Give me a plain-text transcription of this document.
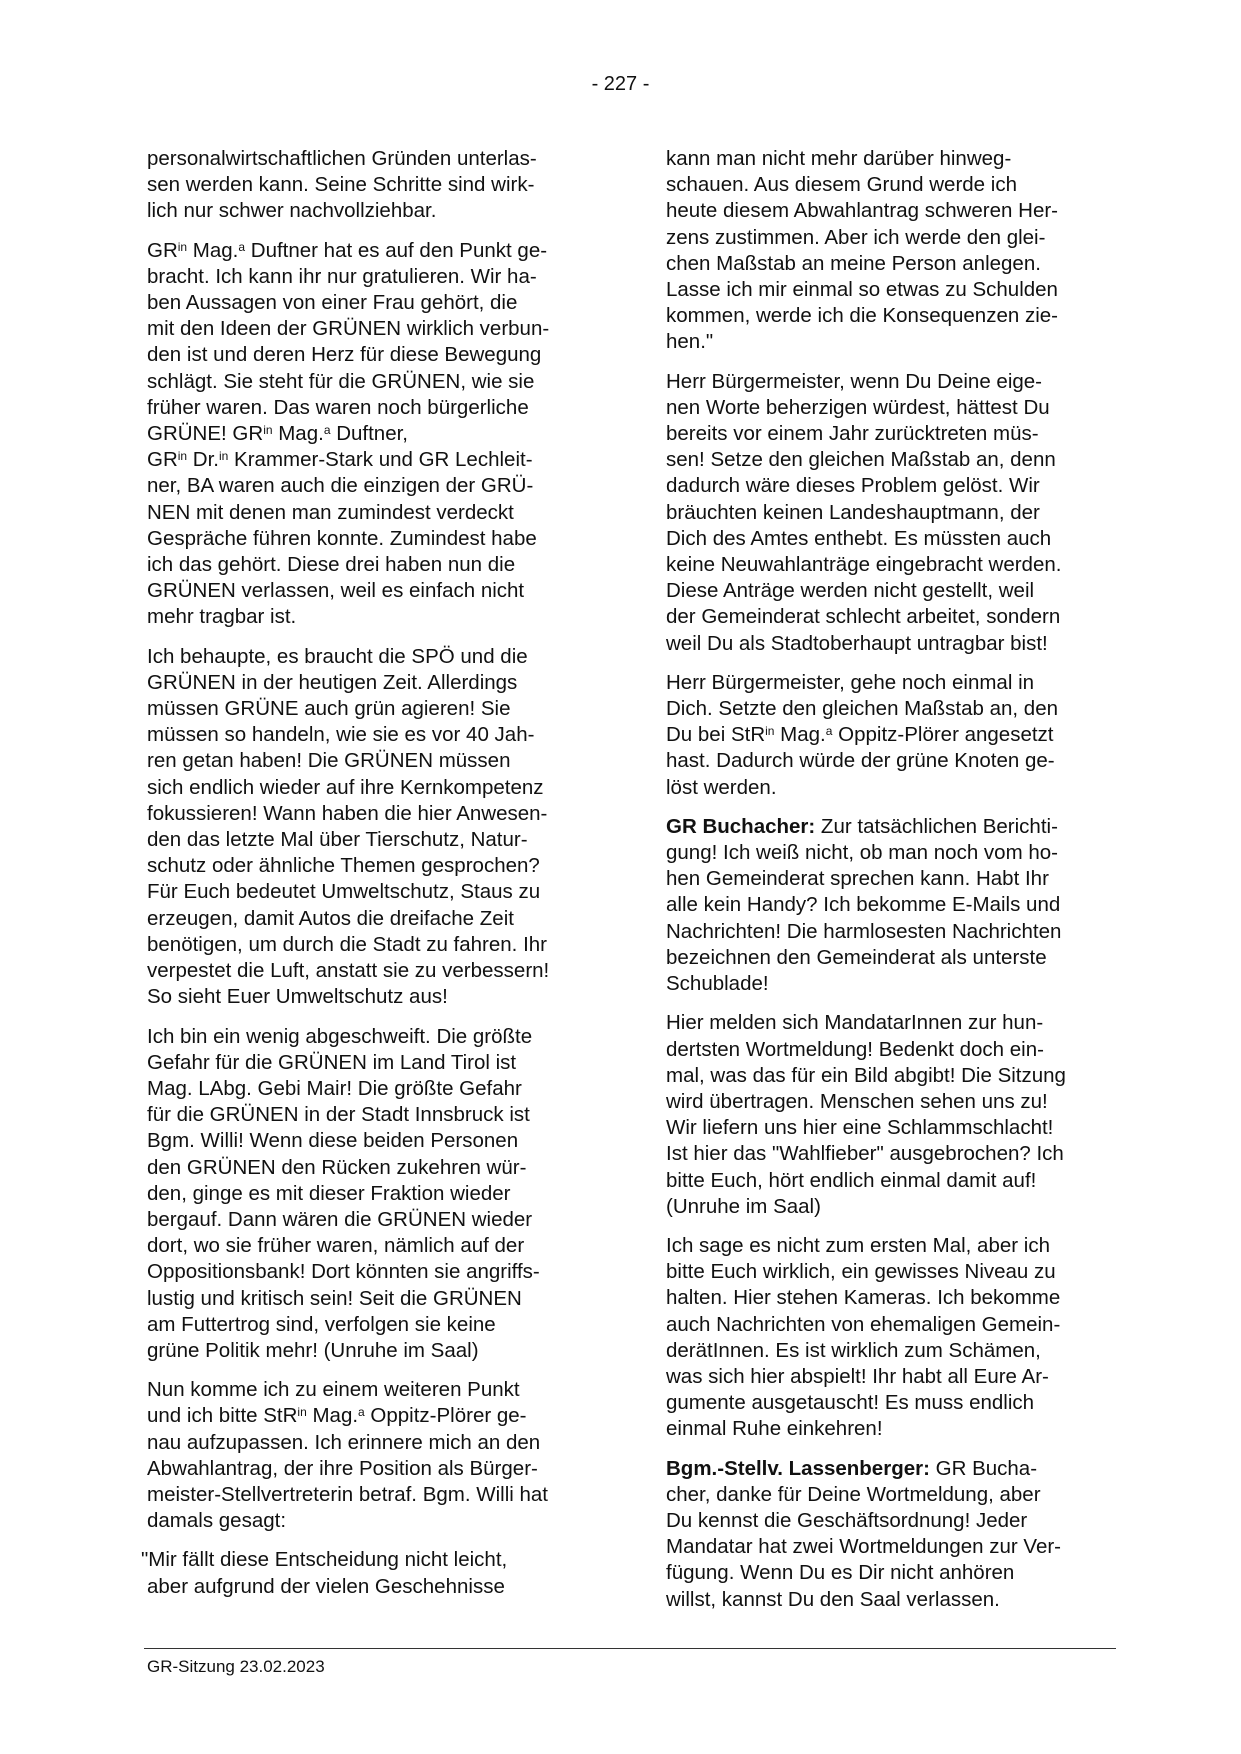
- 227 -

personalwirtschaftlichen Gründen unterlas-
sen werden kann. Seine Schritte sind wirk-
lich nur schwer nachvollziehbar.

$GR^{in}$ Mag.$^a$ Duftner hat es auf den Punkt ge-
bracht. Ich kann ihr nur gratulieren. Wir ha-
ben Aussagen von einer Frau gehört, die
mit den Ideen der GRÜNEN wirklich verbun-
den ist und deren Herz für diese Bewegung
schlägt. Sie steht für die GRÜNEN, wie sie
früher waren. Das waren noch bürgerliche
GRÜNE! $GR^{in}$ Mag.$^a$ Duftner,
$GR^{in}$ Dr.$^{in}$ Krammer-Stark und GR Lechleit-
ner, BA waren auch die einzigen der GRÜ-
NEN mit denen man zumindest verdeckt
Gespräche führen konnte. Zumindest habe
ich das gehört. Diese drei haben nun die
GRÜNEN verlassen, weil es einfach nicht
mehr tragbar ist.

Ich behaupte, es braucht die SPÖ und die
GRÜNEN in der heutigen Zeit. Allerdings
müssen GRÜNE auch grün agieren! Sie
müssen so handeln, wie sie es vor 40 Jah-
ren getan haben! Die GRÜNEN müssen
sich endlich wieder auf ihre Kernkompetenz
fokussieren! Wann haben die hier Anwesen-
den das letzte Mal über Tierschutz, Natur-
schutz oder ähnliche Themen gesprochen?
Für Euch bedeutet Umweltschutz, Staus zu
erzeugen, damit Autos die dreifache Zeit
benötigen, um durch die Stadt zu fahren. Ihr
verpestet die Luft, anstatt sie zu verbessern!
So sieht Euer Umweltschutz aus!

Ich bin ein wenig abgeschweift. Die größte
Gefahr für die GRÜNEN im Land Tirol ist
Mag. LAbg. Gebi Mair! Die größte Gefahr
für die GRÜNEN in der Stadt Innsbruck ist
Bgm. Willi! Wenn diese beiden Personen
den GRÜNEN den Rücken zukehren wür-
den, ginge es mit dieser Fraktion wieder
bergauf. Dann wären die GRÜNEN wieder
dort, wo sie früher waren, nämlich auf der
Oppositionsbank! Dort könnten sie angriffs-
lustig und kritisch sein! Seit die GRÜNEN
am Futtertrog sind, verfolgen sie keine
grüne Politik mehr! (Unruhe im Saal)

Nun komme ich zu einem weiteren Punkt
und ich bitte StR$^{in}$ Mag.$^a$ Oppitz-Plörer ge-
nau aufzupassen. Ich erinnere mich an den
Abwahlantrag, der ihre Position als Bürger-
meister-Stellvertreterin betraf. Bgm. Willi hat
damals gesagt:

"Mir fällt diese Entscheidung nicht leicht,
aber aufgrund der vielen Geschehnisse

kann man nicht mehr darüber hinweg-
schauen. Aus diesem Grund werde ich
heute diesem Abwahlantrag schweren Her-
zens zustimmen. Aber ich werde den glei-
chen Maßstab an meine Person anlegen.
Lasse ich mir einmal so etwas zu Schulden
kommen, werde ich die Konsequenzen zie-
hen."

Herr Bürgermeister, wenn Du Deine eige-
nen Worte beherzigen würdest, hättest Du
bereits vor einem Jahr zurücktreten müs-
sen! Setze den gleichen Maßstab an, denn
dadurch wäre dieses Problem gelöst. Wir
bräuchten keinen Landeshauptmann, der
Dich des Amtes enthebt. Es müssten auch
keine Neuwahlanträge eingebracht werden.
Diese Anträge werden nicht gestellt, weil
der Gemeinderat schlecht arbeitet, sondern
weil Du als Stadtoberhaupt untragbar bist!

Herr Bürgermeister, gehe noch einmal in
Dich. Setzte den gleichen Maßstab an, den
Du bei StR$^{in}$ Mag.$^a$ Oppitz-Plörer angesetzt
hast. Dadurch würde der grüne Knoten ge-
löst werden.

GR Buchacher: Zur tatsächlichen Berichti-
gung! Ich weiß nicht, ob man noch vom ho-
hen Gemeinderat sprechen kann. Habt Ihr
alle kein Handy? Ich bekomme E-Mails und
Nachrichten! Die harmlosesten Nachrichten
bezeichnen den Gemeinderat als unterste
Schublade!

Hier melden sich MandatarInnen zur hun-
dertsten Wortmeldung! Bedenkt doch ein-
mal, was das für ein Bild abgibt! Die Sitzung
wird übertragen. Menschen sehen uns zu!
Wir liefern uns hier eine Schlammschlacht!
Ist hier das "Wahlfieber" ausgebrochen? Ich
bitte Euch, hört endlich einmal damit auf!
(Unruhe im Saal)

Ich sage es nicht zum ersten Mal, aber ich
bitte Euch wirklich, ein gewisses Niveau zu
halten. Hier stehen Kameras. Ich bekomme
auch Nachrichten von ehemaligen Gemein-
derätInnen. Es ist wirklich zum Schämen,
was sich hier abspielt! Ihr habt all Eure Ar-
gumente ausgetauscht! Es muss endlich
einmal Ruhe einkehren!

Bgm.-Stellv. Lassenberger: GR Bucha-
cher, danke für Deine Wortmeldung, aber
Du kennst die Geschäftsordnung! Jeder
Mandatar hat zwei Wortmeldungen zur Ver-
fügung. Wenn Du es Dir nicht anhören
willst, kannst Du den Saal verlassen.

GR-Sitzung 23.02.2023
